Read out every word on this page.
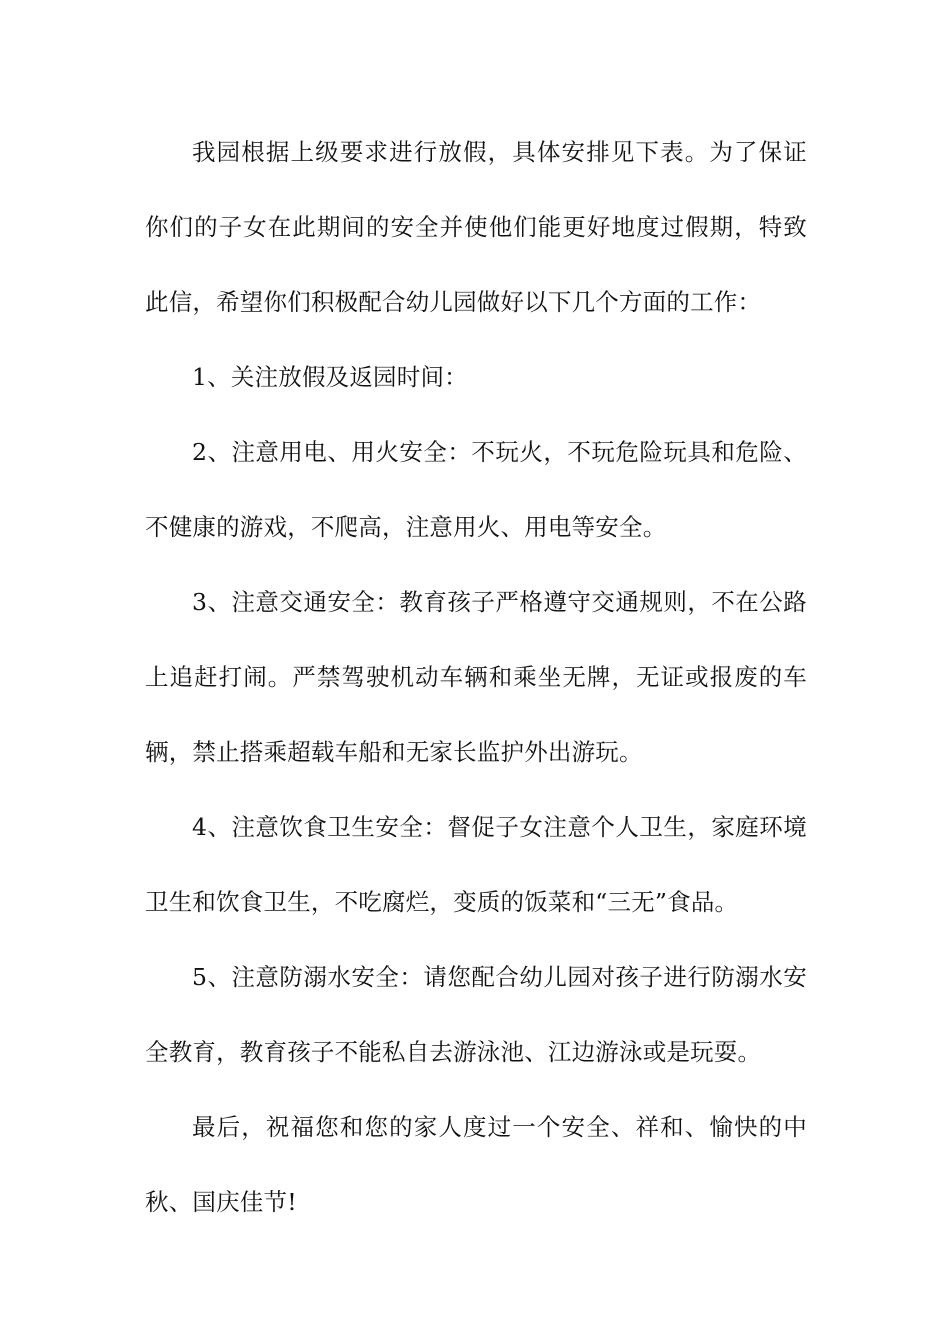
我园根据上级要求进行放假，具体安排见下表。为了保证你们的子女在此期间的安全并使他们能更好地度过假期，特致此信，希望你们积极配合幼儿园做好以下几个方面的工作：

1、关注放假及返园时间：

2、注意用电、用火安全：不玩火，不玩危险玩具和危险、不健康的游戏，不爬高，注意用火、用电等安全。

3、注意交通安全：教育孩子严格遵守交通规则，不在公路上追赶打闹。严禁驾驶机动车辆和乘坐无牌，无证或报废的车辆，禁止搭乘超载车船和无家长监护外出游玩。

4、注意饮食卫生安全：督促子女注意个人卫生，家庭环境卫生和饮食卫生，不吃腐烂，变质的饭菜和“三无”食品。

5、注意防溺水安全：请您配合幼儿园对孩子进行防溺水安全教育，教育孩子不能私自去游泳池、江边游泳或是玩耍。

最后，祝福您和您的家人度过一个安全、祥和、愉快的中秋、国庆佳节!
